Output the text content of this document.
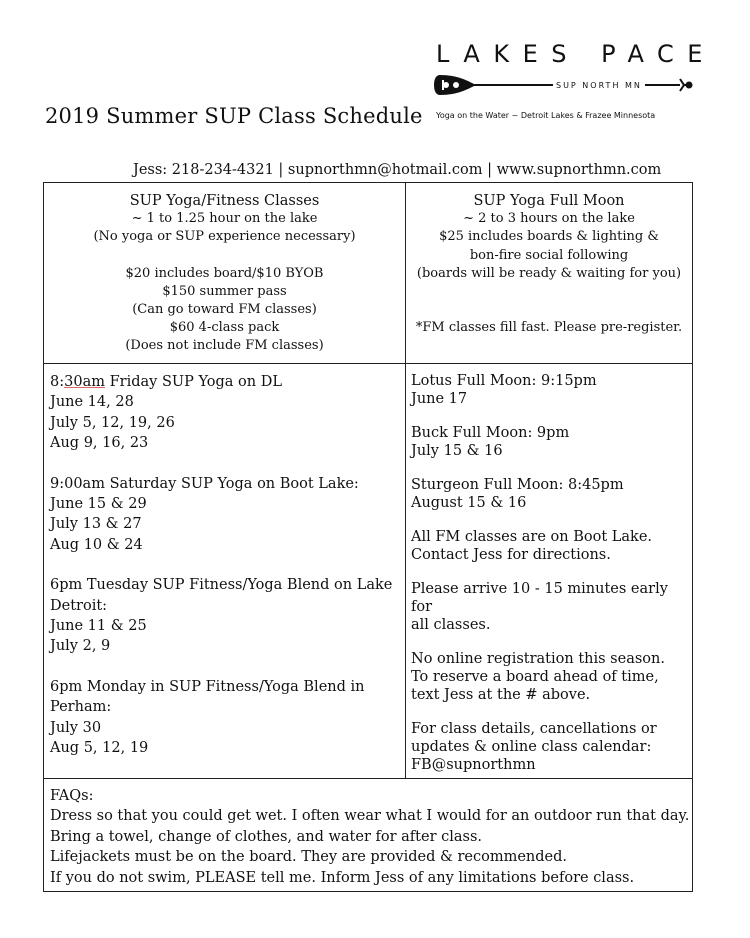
2019 Summer SUP Class Schedule
LAKES PACE
SUP NORTH MN
Yoga on the Water ~ Detroit Lakes & Frazee Minnesota
Jess: 218-234-4321 | supnorthmn@hotmail.com | www.supnorthmn.com
SUP Yoga/Fitness Classes
~ 1 to 1.25 hour on the lake
(No yoga or SUP experience necessary)
$20 includes board/$10 BYOB
$150 summer pass
(Can go toward FM classes)
$60 4-class pack
(Does not include FM classes)
SUP Yoga Full Moon
~ 2 to 3 hours on the lake
$25 includes boards & lighting &
bon-fire social following
(boards will be ready & waiting for you)
*FM classes fill fast. Please pre-register.
8:30am Friday SUP Yoga on DL
June 14, 28
July 5, 12, 19, 26
Aug 9, 16, 23
9:00am Saturday SUP Yoga on Boot Lake:
June 15 & 29
July 13 & 27
Aug 10 & 24
6pm Tuesday SUP Fitness/Yoga Blend on Lake
Detroit:
June 11 & 25
July 2, 9
6pm Monday in SUP Fitness/Yoga Blend in
Perham:
July 30
Aug 5, 12, 19
Lotus Full Moon: 9:15pm
June 17
Buck Full Moon: 9pm
July 15 & 16
Sturgeon Full Moon: 8:45pm
August 15 & 16
All FM classes are on Boot Lake.
Contact Jess for directions.
Please arrive 10 - 15 minutes early for
all classes.
No online registration this season.
To reserve a board ahead of time,
text Jess at the # above.
For class details, cancellations or
updates & online class calendar:
FB@supnorthmn
FAQs:
Dress so that you could get wet. I often wear what I would for an outdoor run that day.
Bring a towel, change of clothes, and water for after class.
Lifejackets must be on the board. They are provided & recommended.
If you do not swim, PLEASE tell me. Inform Jess of any limitations before class.
